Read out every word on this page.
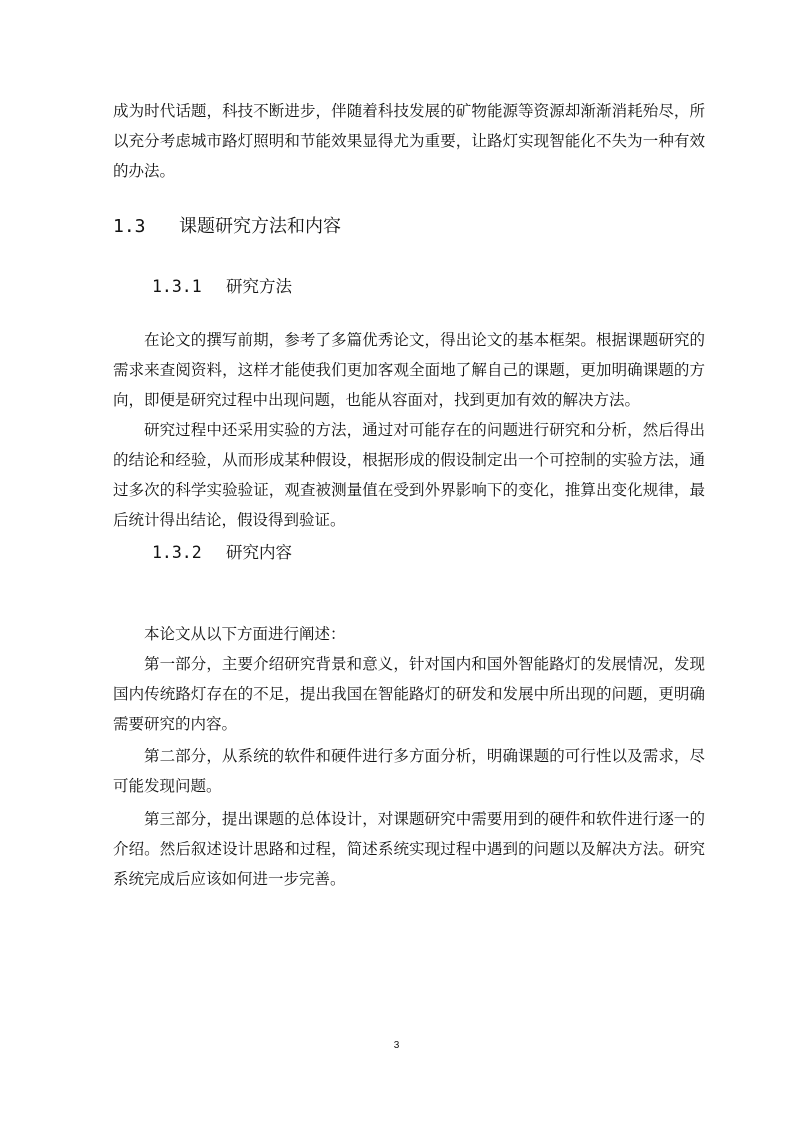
成为时代话题，科技不断进步，伴随着科技发展的矿物能源等资源却渐渐消耗殆尽，所以充分考虑城市路灯照明和节能效果显得尤为重要，让路灯实现智能化不失为一种有效的办法。

1.3 课题研究方法和内容
1.3.1 研究方法

在论文的撰写前期，参考了多篇优秀论文，得出论文的基本框架。根据课题研究的需求来查阅资料，这样才能使我们更加客观全面地了解自己的课题，更加明确课题的方向，即便是研究过程中出现问题，也能从容面对，找到更加有效的解决方法。

研究过程中还采用实验的方法，通过对可能存在的问题进行研究和分析，然后得出的结论和经验，从而形成某种假设，根据形成的假设制定出一个可控制的实验方法，通过多次的科学实验验证，观查被测量值在受到外界影响下的变化，推算出变化规律，最后统计得出结论，假设得到验证。

1.3.2 研究内容

本论文从以下方面进行阐述：

第一部分，主要介绍研究背景和意义，针对国内和国外智能路灯的发展情况，发现国内传统路灯存在的不足，提出我国在智能路灯的研发和发展中所出现的问题，更明确需要研究的内容。

第二部分，从系统的软件和硬件进行多方面分析，明确课题的可行性以及需求，尽可能发现问题。

第三部分，提出课题的总体设计，对课题研究中需要用到的硬件和软件进行逐一的介绍。然后叙述设计思路和过程，简述系统实现过程中遇到的问题以及解决方法。研究系统完成后应该如何进一步完善。

3
